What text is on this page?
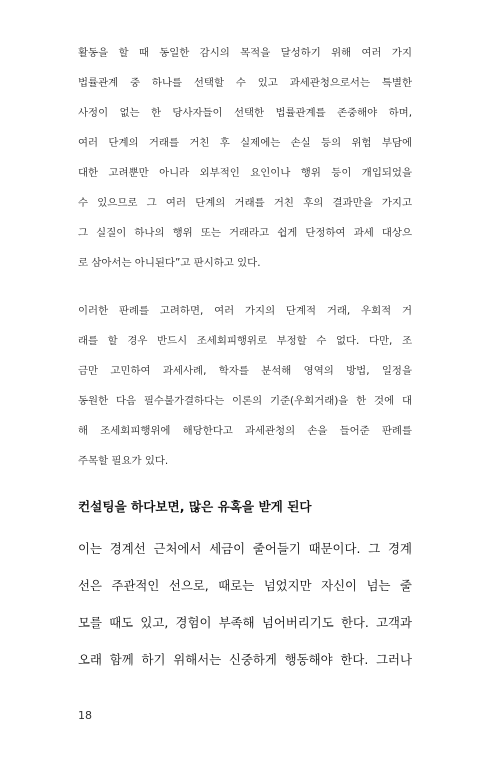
활동을 할 때 동일한 감시의 목적을 달성하기 위해 여러 가지
법률관계 중 하나를 선택할 수 있고 과세관청으로서는 특별한
사정이 없는 한 당사자들이 선택한 법률관계를 존중해야 하며,
여러 단계의 거래를 거친 후 실제에는 손실 등의 위험 부담에
대한 고려뿐만 아니라 외부적인 요인이나 행위 등이 개입되었을
수 있으므로 그 여러 단계의 거래를 거친 후의 결과만을 가지고
그 실질이 하나의 행위 또는 거래라고 쉽게 단정하여 과세 대상으
로 삼아서는 아니된다”고 판시하고 있다.

이러한 판례를 고려하면, 여러 가지의 단계적 거래, 우회적 거
래를 할 경우 반드시 조세회피행위로 부정할 수 없다. 다만, 조
금만 고민하여 과세사례, 학자를 분석해 영역의 방법, 일정을
동원한 다음 필수불가결하다는 이론의 기준(우회거래)을 한 것에 대
해 조세회피행위에 해당한다고 과세관청의 손을 들어준 판례를
주목할 필요가 있다.

컨설팅을 하다보면, 많은 유혹을 받게 된다

이는 경계선 근처에서 세금이 줄어들기 때문이다. 그 경계
선은 주관적인 선으로, 때로는 넘었지만 자신이 넘는 줄
모를 때도 있고, 경험이 부족해 넘어버리기도 한다. 고객과
오래 함께 하기 위해서는 신중하게 행동해야 한다. 그러나

18
